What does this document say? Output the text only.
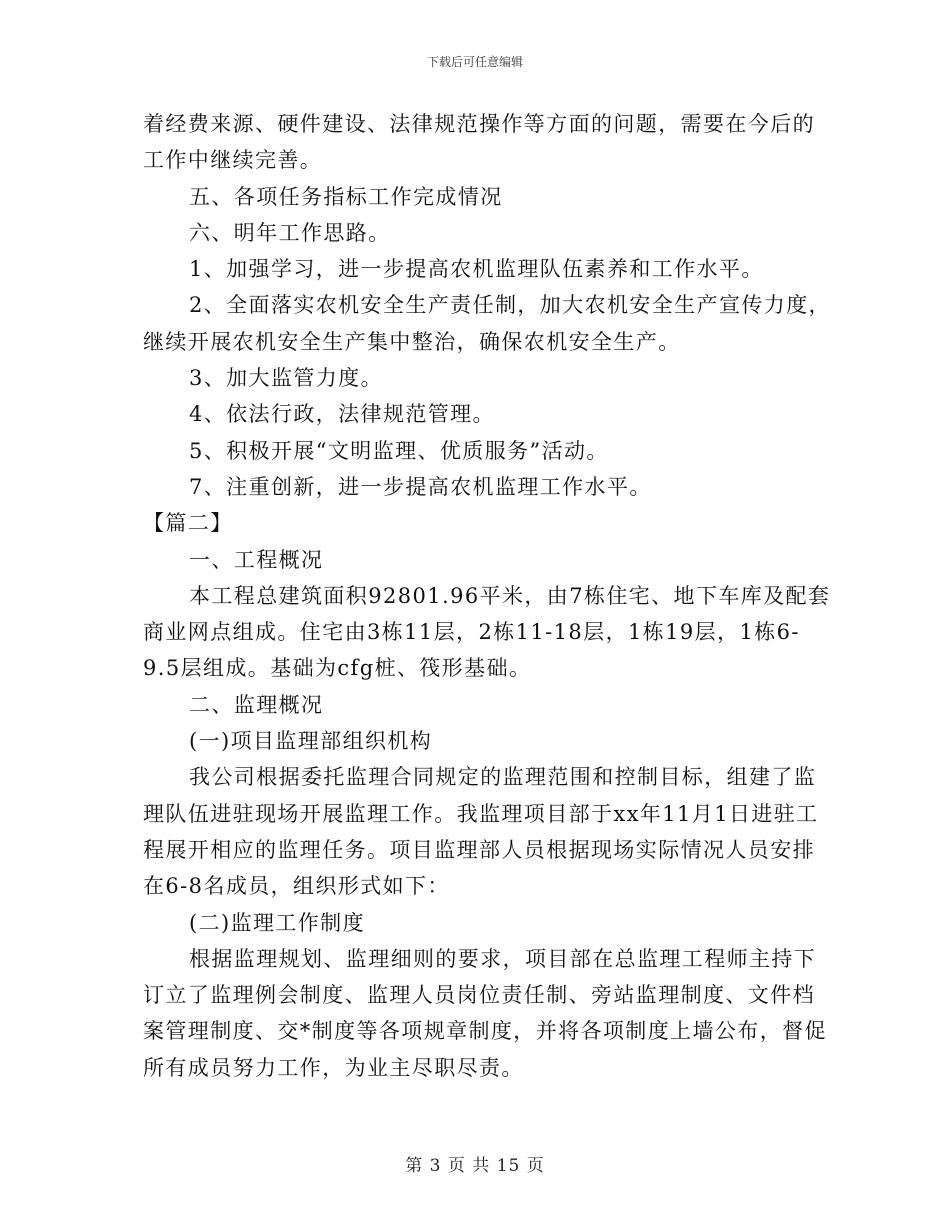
下载后可任意编辑
着经费来源、硬件建设、法律规范操作等方面的问题，需要在今后的
工作中继续完善。
五、各项任务指标工作完成情况
六、明年工作思路。
1、加强学习，进一步提高农机监理队伍素养和工作水平。
2、全面落实农机安全生产责任制，加大农机安全生产宣传力度，
继续开展农机安全生产集中整治，确保农机安全生产。
3、加大监管力度。
4、依法行政，法律规范管理。
5、积极开展“文明监理、优质服务”活动。
7、注重创新，进一步提高农机监理工作水平。
【篇二】
一、工程概况
本工程总建筑面积92801.96平米，由7栋住宅、地下车库及配套
商业网点组成。住宅由3栋11层，2栋11-18层，1栋19层，1栋6-
9.5层组成。基础为cfg桩、筏形基础。
二、监理概况
(一)项目监理部组织机构
我公司根据委托监理合同规定的监理范围和控制目标，组建了监
理队伍进驻现场开展监理工作。我监理项目部于xx年11月1日进驻工
程展开相应的监理任务。项目监理部人员根据现场实际情况人员安排
在6-8名成员，组织形式如下：
(二)监理工作制度
根据监理规划、监理细则的要求，项目部在总监理工程师主持下
订立了监理例会制度、监理人员岗位责任制、旁站监理制度、文件档
案管理制度、交*制度等各项规章制度，并将各项制度上墙公布，督促
所有成员努力工作，为业主尽职尽责。
第 3 页 共 15 页
